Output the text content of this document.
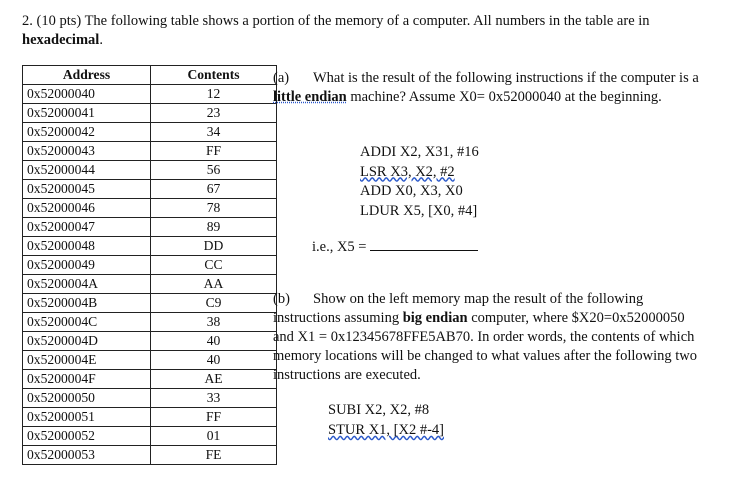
2. (10 pts) The following table shows a portion of the memory of a computer. All numbers in the table are in hexadecimal.
Address	Contents
0x52000040	12
0x52000041	23
0x52000042	34
0x52000043	FF
0x52000044	56
0x52000045	67
0x52000046	78
0x52000047	89
0x52000048	DD
0x52000049	CC
0x5200004A	AA
0x5200004B	C9
0x5200004C	38
0x5200004D	40
0x5200004E	40
0x5200004F	AE
0x52000050	33
0x52000051	FF
0x52000052	01
0x52000053	FE
(a) What is the result of the following instructions if the computer is a little endian machine? Assume X0= 0x52000040 at the beginning.
ADDI X2, X31, #16
LSR X3, X2, #2
ADD X0, X3, X0
LDUR X5, [X0, #4]
i.e., X5 =
(b) Show on the left memory map the result of the following instructions assuming big endian computer, where $X20=0x52000050 and X1 = 0x12345678FFE5AB70. In order words, the contents of which memory locations will be changed to what values after the following two instructions are executed.
SUBI X2, X2, #8
STUR X1, [X2 #-4]
